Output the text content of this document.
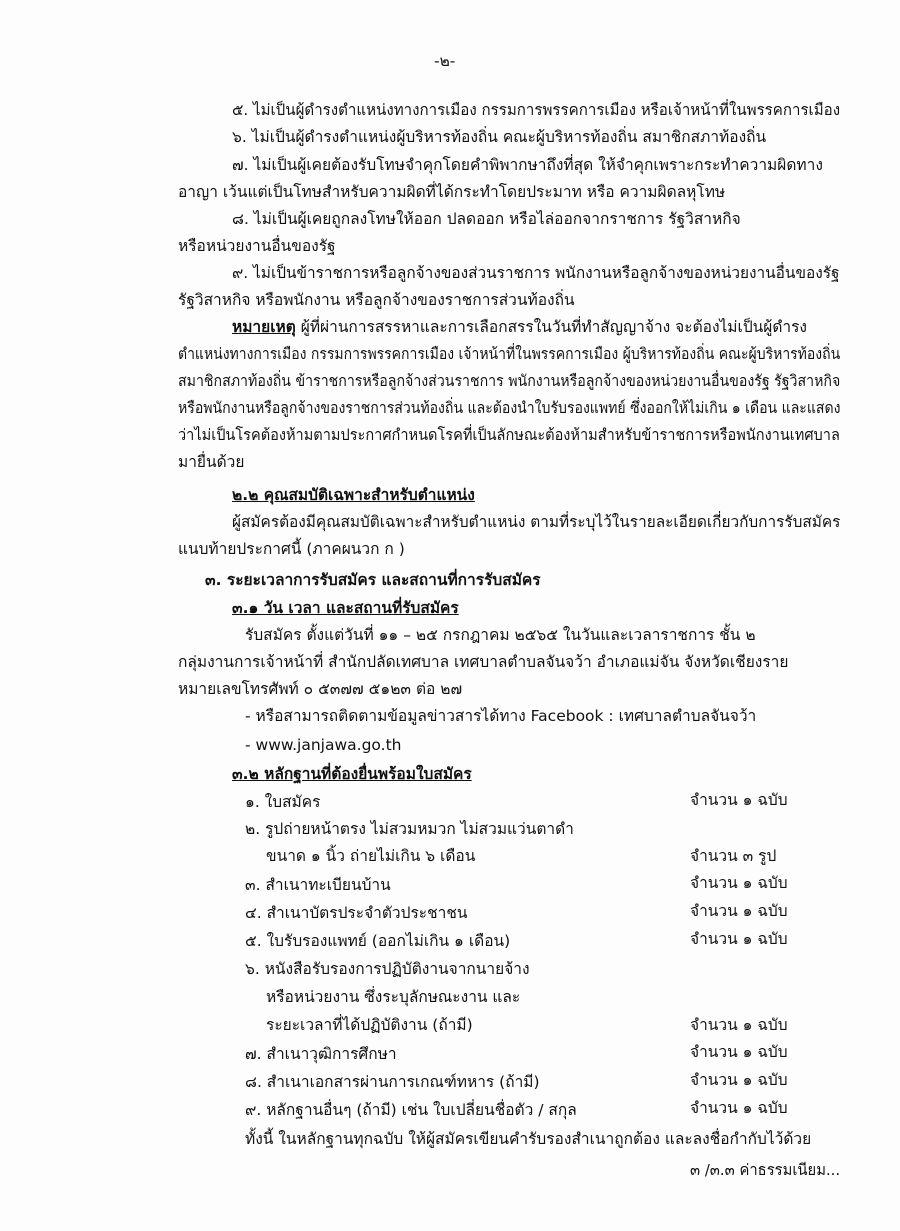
-๒-
๕. ไม่เป็นผู้ดำรงตำแหน่งทางการเมือง กรรมการพรรคการเมือง หรือเจ้าหน้าที่ในพรรคการเมือง
๖. ไม่เป็นผู้ดำรงตำแหน่งผู้บริหารท้องถิ่น คณะผู้บริหารท้องถิ่น สมาชิกสภาท้องถิ่น
๗. ไม่เป็นผู้เคยต้องรับโทษจำคุกโดยคำพิพากษาถึงที่สุด ให้จำคุกเพราะกระทำความผิดทาง
อาญา เว้นแต่เป็นโทษสำหรับความผิดที่ได้กระทำโดยประมาท หรือ ความผิดลหุโทษ
๘. ไม่เป็นผู้เคยถูกลงโทษให้ออก ปลดออก หรือไล่ออกจากราชการ รัฐวิสาหกิจ
หรือหน่วยงานอื่นของรัฐ
๙. ไม่เป็นข้าราชการหรือลูกจ้างของส่วนราชการ พนักงานหรือลูกจ้างของหน่วยงานอื่นของรัฐ
รัฐวิสาหกิจ หรือพนักงาน หรือลูกจ้างของราชการส่วนท้องถิ่น
หมายเหตุ ผู้ที่ผ่านการสรรหาและการเลือกสรรในวันที่ทำสัญญาจ้าง จะต้องไม่เป็นผู้ดำรง
ตำแหน่งทางการเมือง กรรมการพรรคการเมือง เจ้าหน้าที่ในพรรคการเมือง ผู้บริหารท้องถิ่น คณะผู้บริหารท้องถิ่น
สมาชิกสภาท้องถิ่น ข้าราชการหรือลูกจ้างส่วนราชการ พนักงานหรือลูกจ้างของหน่วยงานอื่นของรัฐ รัฐวิสาหกิจ
หรือพนักงานหรือลูกจ้างของราชการส่วนท้องถิ่น และต้องนำใบรับรองแพทย์ ซึ่งออกให้ไม่เกิน ๑ เดือน และแสดง
ว่าไม่เป็นโรคต้องห้ามตามประกาศกำหนดโรคที่เป็นลักษณะต้องห้ามสำหรับข้าราชการหรือพนักงานเทศบาล
มายื่นด้วย
๒.๒ คุณสมบัติเฉพาะสำหรับตำแหน่ง
ผู้สมัครต้องมีคุณสมบัติเฉพาะสำหรับตำแหน่ง ตามที่ระบุไว้ในรายละเอียดเกี่ยวกับการรับสมัคร
แนบท้ายประกาศนี้ (ภาคผนวก ก )
๓. ระยะเวลาการรับสมัคร และสถานที่การรับสมัคร
๓.๑ วัน เวลา และสถานที่รับสมัคร
รับสมัคร ตั้งแต่วันที่ ๑๑ – ๒๕ กรกฎาคม ๒๕๖๕ ในวันและเวลาราชการ ชั้น ๒
กลุ่มงานการเจ้าหน้าที่ สำนักปลัดเทศบาล เทศบาลตำบลจันจว้า อำเภอแม่จัน จังหวัดเชียงราย
หมายเลขโทรศัพท์ ๐ ๕๓๗๗ ๕๑๒๓ ต่อ ๒๗
- หรือสามารถติดตามข้อมูลข่าวสารได้ทาง Facebook : เทศบาลตำบลจันจว้า
- www.janjawa.go.th
๓.๒ หลักฐานที่ต้องยื่นพร้อมใบสมัคร
๑. ใบสมัคร	จำนวน ๑ ฉบับ
๒. รูปถ่ายหน้าตรง ไม่สวมหมวก ไม่สวมแว่นตาดำ
ขนาด ๑ นิ้ว ถ่ายไม่เกิน ๖ เดือน	จำนวน ๓ รูป
๓. สำเนาทะเบียนบ้าน	จำนวน ๑ ฉบับ
๔. สำเนาบัตรประจำตัวประชาชน	จำนวน ๑ ฉบับ
๕. ใบรับรองแพทย์ (ออกไม่เกิน ๑ เดือน)	จำนวน ๑ ฉบับ
๖. หนังสือรับรองการปฏิบัติงานจากนายจ้าง
หรือหน่วยงาน ซึ่งระบุลักษณะงาน และ
ระยะเวลาที่ได้ปฏิบัติงาน (ถ้ามี)	จำนวน ๑ ฉบับ
๗. สำเนาวุฒิการศึกษา	จำนวน ๑ ฉบับ
๘. สำเนาเอกสารผ่านการเกณฑ์ทหาร (ถ้ามี)	จำนวน ๑ ฉบับ
๙. หลักฐานอื่นๆ (ถ้ามี) เช่น ใบเปลี่ยนชื่อตัว / สกุล	จำนวน ๑ ฉบับ
ทั้งนี้ ในหลักฐานทุกฉบับ ให้ผู้สมัครเขียนคำรับรองสำเนาถูกต้อง และลงชื่อกำกับไว้ด้วย
๓ /๓.๓ ค่าธรรมเนียม...
